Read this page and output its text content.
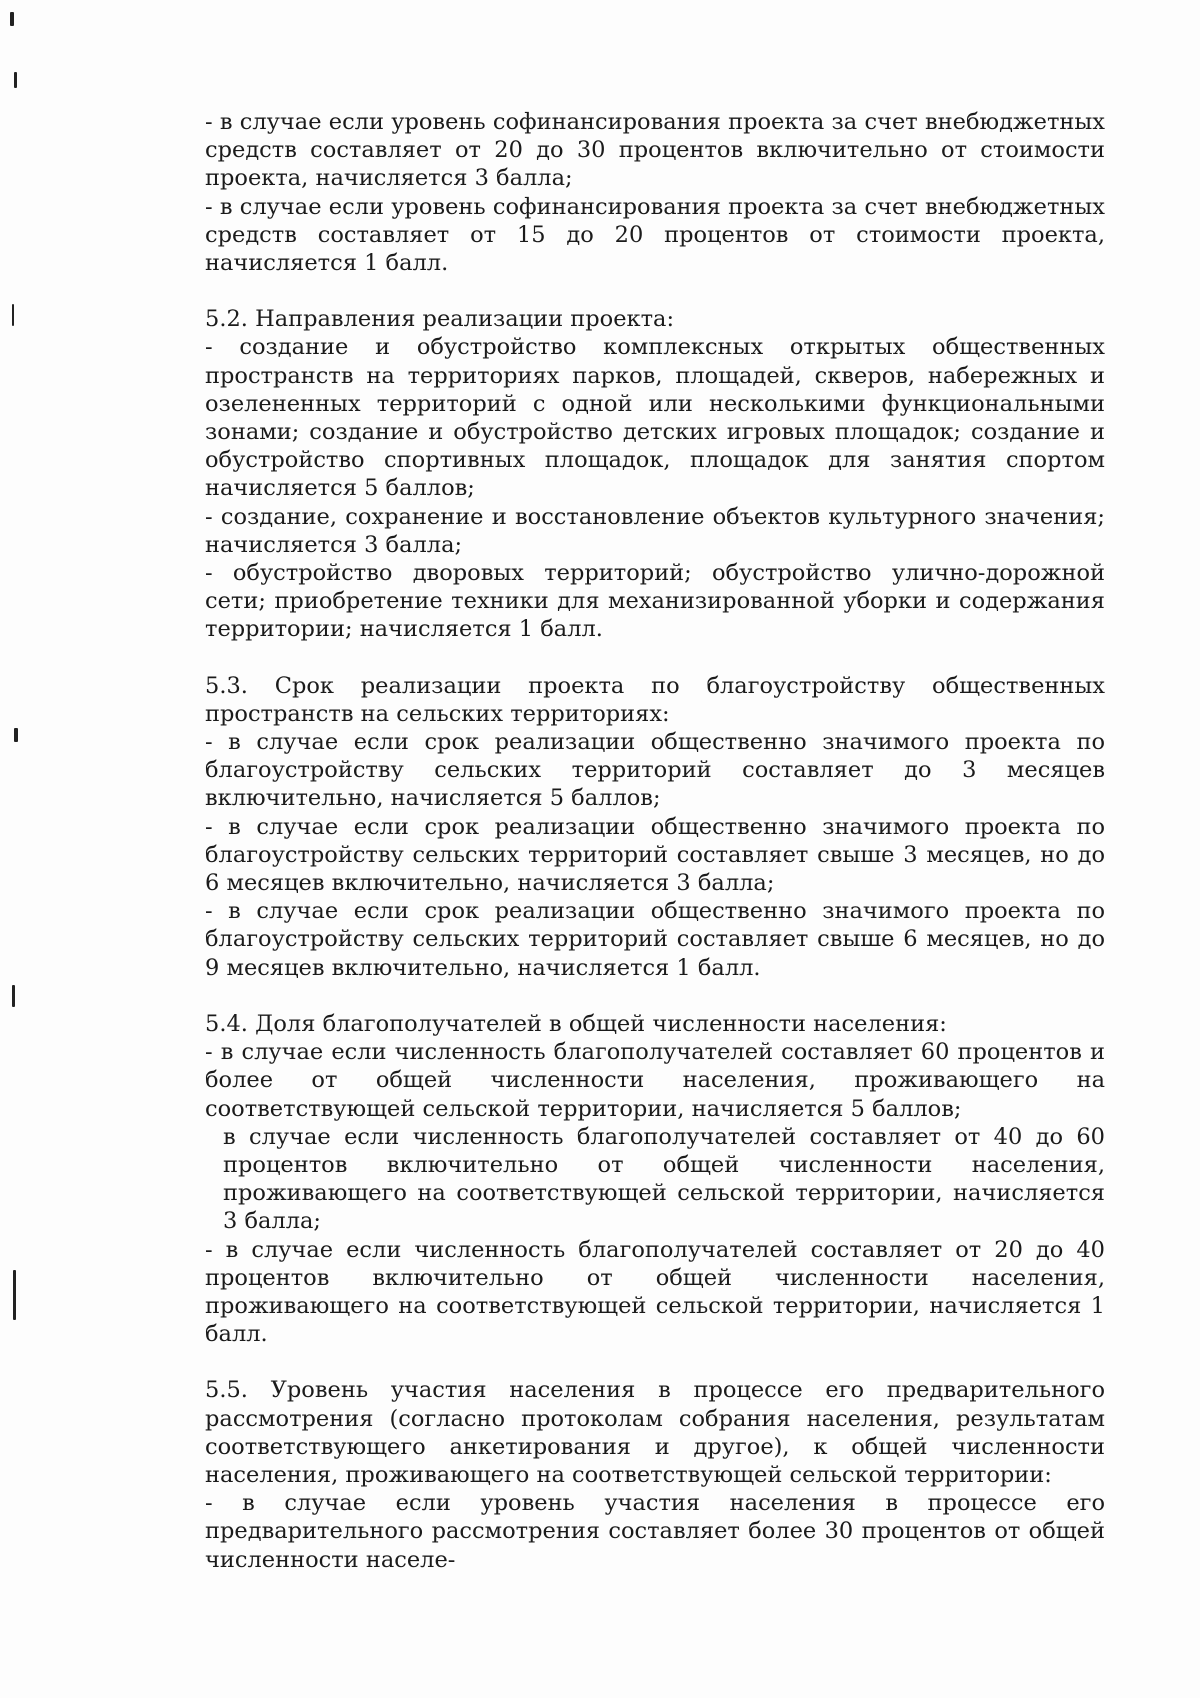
- в случае если уровень софинансирования проекта за счет внебюджетных средств составляет от 20 до 30 процентов включительно от стоимости проекта, начисляется 3 балла;
- в случае если уровень софинансирования проекта за счет внебюджетных средств составляет от 15 до 20 процентов от стоимости проекта, начисляется 1 балл.
5.2. Направления реализации проекта:
- создание и обустройство комплексных открытых общественных пространств на территориях парков, площадей, скверов, набережных и озелененных территорий с одной или несколькими функциональными зонами; создание и обустройство детских игровых площадок; создание и обустройство спортивных площадок, площадок для занятия спортом начисляется 5 баллов;
- создание, сохранение и восстановление объектов культурного значения; начисляется 3 балла;
- обустройство дворовых территорий; обустройство улично-дорожной сети; приобретение техники для механизированной уборки и содержания территории; начисляется 1 балл.
5.3. Срок реализации проекта по благоустройству общественных пространств на сельских территориях:
- в случае если срок реализации общественно значимого проекта по благоустройству сельских территорий составляет до 3 месяцев включительно, начисляется 5 баллов;
- в случае если срок реализации общественно значимого проекта по благоустройству сельских территорий составляет свыше 3 месяцев, но до 6 месяцев включительно, начисляется 3 балла;
- в случае если срок реализации общественно значимого проекта по благоустройству сельских территорий составляет свыше 6 месяцев, но до 9 месяцев включительно, начисляется 1 балл.
5.4. Доля благополучателей в общей численности населения:
- в случае если численность благополучателей составляет 60 процентов и более от общей численности населения, проживающего на соответствующей сельской территории, начисляется 5 баллов;
в случае если численность благополучателей составляет от 40 до 60 процентов включительно от общей численности населения, проживающего на соответствующей сельской территории, начисляется 3 балла;
- в случае если численность благополучателей составляет от 20 до 40 процентов включительно от общей численности населения, проживающего на соответствующей сельской территории, начисляется 1 балл.
5.5. Уровень участия населения в процессе его предварительного рассмотрения (согласно протоколам собрания населения, результатам соответствующего анкетирования и другое), к общей численности населения, проживающего на соответствующей сельской территории:
- в случае если уровень участия населения в процессе его предварительного рассмотрения составляет более 30 процентов от общей численности населе-
